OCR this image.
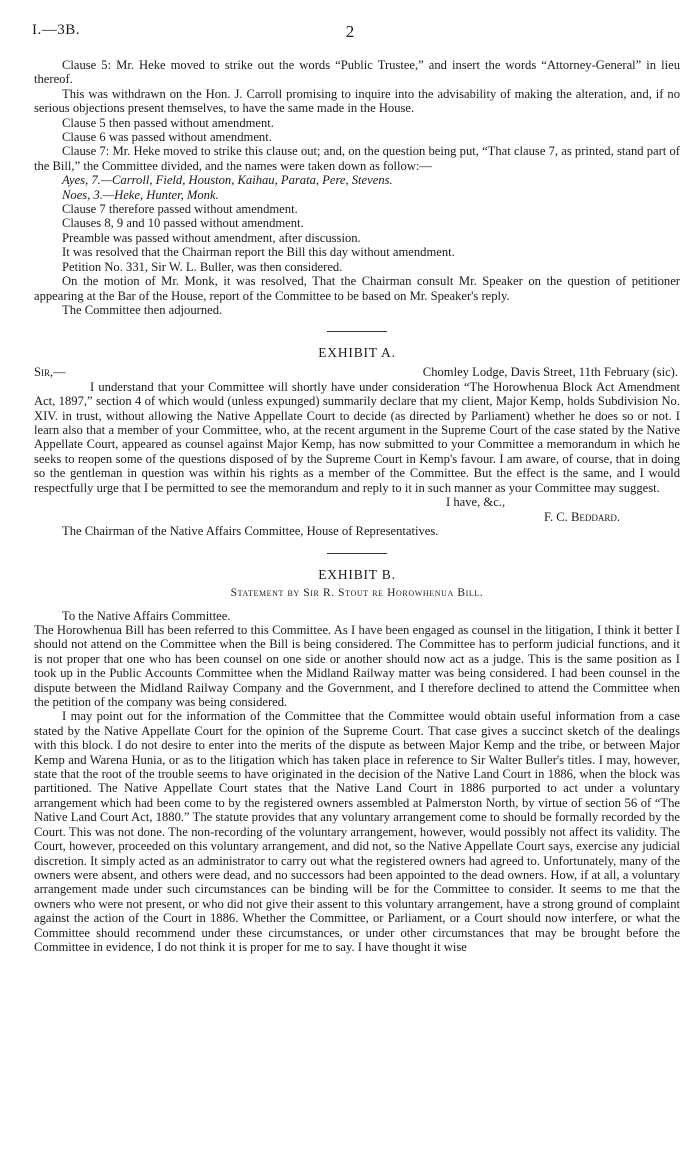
I.—3B.	2

Clause 5: Mr. Heke moved to strike out the words “Public Trustee,” and insert the words “Attorney-General” in lieu thereof.

This was withdrawn on the Hon. J. Carroll promising to inquire into the advisability of making the alteration, and, if no serious objections present themselves, to have the same made in the House.

Clause 5 then passed without amendment.

Clause 6 was passed without amendment.

Clause 7: Mr. Heke moved to strike this clause out; and, on the question being put, “That clause 7, as printed, stand part of the Bill,” the Committee divided, and the names were taken down as follow:—

Ayes, 7.—Carroll, Field, Houston, Kaihau, Parata, Pere, Stevens.

Noes, 3.—Heke, Hunter, Monk.

Clause 7 therefore passed without amendment.

Clauses 8, 9 and 10 passed without amendment.

Preamble was passed without amendment, after discussion.

It was resolved that the Chairman report the Bill this day without amendment.

Petition No. 331, Sir W. L. Buller, was then considered.

On the motion of Mr. Monk, it was resolved, That the Chairman consult Mr. Speaker on the question of petitioner appearing at the Bar of the House, report of the Committee to be based on Mr. Speaker's reply.

The Committee then adjourned.

EXHIBIT A.
Sir,—	Chomley Lodge, Davis Street, 11th February (sic).

I understand that your Committee will shortly have under consideration “The Horowhenua Block Act Amendment Act, 1897,” section 4 of which would (unless expunged) summarily declare that my client, Major Kemp, holds Subdivision No. XIV. in trust, without allowing the Native Appellate Court to decide (as directed by Parliament) whether he does so or not. I learn also that a member of your Committee, who, at the recent argument in the Supreme Court of the case stated by the Native Appellate Court, appeared as counsel against Major Kemp, has now submitted to your Committee a memorandum in which he seeks to reopen some of the questions disposed of by the Supreme Court in Kemp's favour. I am aware, of course, that in doing so the gentleman in question was within his rights as a member of the Committee. But the effect is the same, and I would respectfully urge that I be permitted to see the memorandum and reply to it in such manner as your Committee may suggest.

I have, &c.,

F. C. Beddard.

The Chairman of the Native Affairs Committee, House of Representatives.

EXHIBIT B.
Statement by Sir R. Stout re Horowhenua Bill.

To the Native Affairs Committee.

The Horowhenua Bill has been referred to this Committee. As I have been engaged as counsel in the litigation, I think it better I should not attend on the Committee when the Bill is being considered. The Committee has to perform judicial functions, and it is not proper that one who has been counsel on one side or another should now act as a judge. This is the same position as I took up in the Public Accounts Committee when the Midland Railway matter was being considered. I had been counsel in the dispute between the Midland Railway Company and the Government, and I therefore declined to attend the Committee when the petition of the company was being considered.

I may point out for the information of the Committee that the Committee would obtain useful information from a case stated by the Native Appellate Court for the opinion of the Supreme Court. That case gives a succinct sketch of the dealings with this block. I do not desire to enter into the merits of the dispute as between Major Kemp and the tribe, or between Major Kemp and Warena Hunia, or as to the litigation which has taken place in reference to Sir Walter Buller's titles. I may, however, state that the root of the trouble seems to have originated in the decision of the Native Land Court in 1886, when the block was partitioned. The Native Appellate Court states that the Native Land Court in 1886 purported to act under a voluntary arrangement which had been come to by the registered owners assembled at Palmerston North, by virtue of section 56 of “The Native Land Court Act, 1880.” The statute provides that any voluntary arrangement come to should be formally recorded by the Court. This was not done. The non-recording of the voluntary arrangement, however, would possibly not affect its validity. The Court, however, proceeded on this voluntary arrangement, and did not, so the Native Appellate Court says, exercise any judicial discretion. It simply acted as an administrator to carry out what the registered owners had agreed to. Unfortunately, many of the owners were absent, and others were dead, and no successors had been appointed to the dead owners. How, if at all, a voluntary arrangement made under such circumstances can be binding will be for the Committee to consider. It seems to me that the owners who were not present, or who did not give their assent to this voluntary arrangement, have a strong ground of complaint against the action of the Court in 1886. Whether the Committee, or Parliament, or a Court should now interfere, or what the Committee should recommend under these circumstances, or under other circumstances that may be brought before the Committee in evidence, I do not think it is proper for me to say. I have thought it wise
